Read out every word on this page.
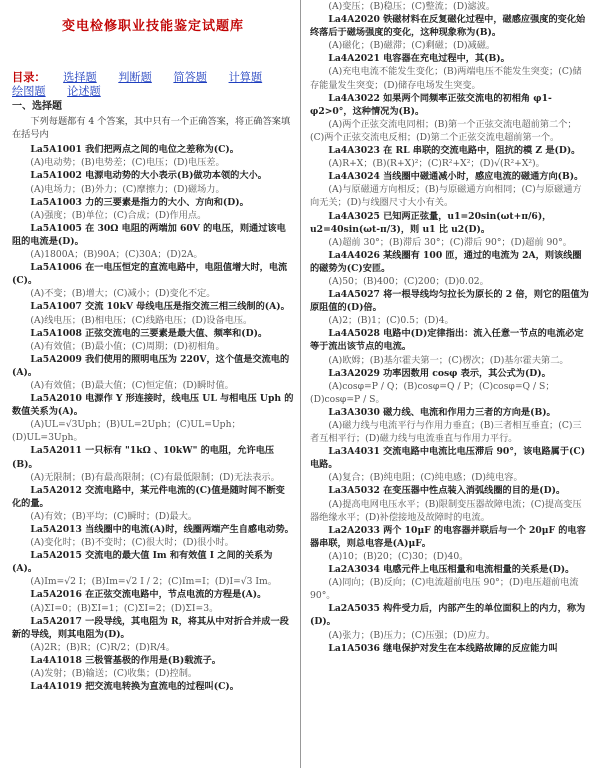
变电检修职业技能鉴定试题库
目录： 选择题 判断题 简答题 计算题 绘图题 论述题
一、选择题
下列每题都有 4 个答案，其中只有一个正确答案，将正确答案填在括号内
La5A1001 我们把两点之间的电位之差称为(C)。
(A)电动势；(B)电势差；(C)电压；(D)电压差。
La5A1002 电源电动势的大小表示(B)做功本领的大小。
(A)电场力；(B)外力；(C)摩擦力；(D)磁场力。
La5A1003 力的三要素是指力的大小、方向和(D)。
(A)强度；(B)单位；(C)合成；(D)作用点。
La5A1005 在 30Ω 电阻的两端加 60V 的电压，则通过该电阻的电流是(D)。
(A)1800A；(B)90A；(C)30A；(D)2A。
La5A1006 在一电压恒定的直流电路中，电阻值增大时，电流(C)。
(A)不变；(B)增大；(C)减小；(D)变化不定。
La5A1007 交流 10kV 母线电压是指交流三相三线制的(A)。
(A)线电压；(B)相电压；(C)线路电压；(D)设备电压。
La5A1008 正弦交流电的三要素是最大值、频率和(D)。
(A)有效值；(B)最小值；(C)周期；(D)初相角。
La5A2009 我们使用的照明电压为 220V，这个值是交流电的(A)。
(A)有效值；(B)最大值；(C)恒定值；(D)瞬时值。
La5A2010 电源作 Y 形连接时，线电压 UL 与相电压 Uph 的数值关系为(A)。
(A)UL=√3Uph；(B)UL=2Uph；(C)UL=Uph；(D)UL=3Uph。
La5A2011 一只标有 "1kΩ 、10kW" 的电阻，允许电压(B)。
(A)无限制；(B)有最高限制；(C)有最低限制；(D)无法表示。
La5A2012 交流电路中，某元件电流的(C)值是随时间不断变化的量。
(A)有效；(B)平均；(C)瞬时；(D)最大。
La5A2013 当线圈中的电流(A)时，线圈两端产生自感电动势。
(A)变化时；(B)不变时；(C)很大时；(D)很小时。
La5A2015 交流电的最大值 Im 和有效值 I 之间的关系为(A)。
(A)Im=√2 I；(B)Im=√2 I / 2；(C)Im=I；(D)I=√3 Im。
La5A2016 在正弦交流电路中，节点电流的方程是(A)。
(A)ΣI=0；(B)ΣI=1；(C)ΣI=2；(D)ΣI=3。
La5A2017 一段导线，其电阻为 R，将其从中对折合并成一段新的导线，则其电阻为(D)。
(A)2R；(B)R；(C)R/2；(D)R/4。
La4A1018 三极管基极的作用是(B)载流子。
(A)发射；(B)输送；(C)收集；(D)控制。
La4A1019 把交流电转换为直流电的过程叫(C)。
(A)变压；(B)稳压；(C)整流；(D)滤波。
La4A2020 铁磁材料在反复磁化过程中，磁感应强度的变化始终落后于磁场强度的变化，这种现象称为(B)。
(A)磁化；(B)磁滞；(C)剩磁；(D)减磁。
La4A2021 电容器在充电过程中，其(B)。
(A)充电电流不能发生变化；(B)两端电压不能发生突变；(C)储存能量发生突变；(D)储存电场发生突变。
La4A3022 如果两个同频率正弦交流电的初相角 φ1-φ2>0°，这种情况为(B)。
(A)两个正弦交流电同相；(B)第一个正弦交流电超前第二个；(C)两个正弦交流电反相；(D)第二个正弦交流电超前第一个。
La4A3023 在 RL 串联的交流电路中，阻抗的模 Z 是(D)。
(A)R+X；(B)(R+X)²；(C)R²+X²；(D)√(R²+X²)。
La4A3024 当线圈中磁通减小时，感应电流的磁通方向(B)。
(A)与原磁通方向相反；(B)与原磁通方向相同；(C)与原磁通方向无关；(D)与线圈尺寸大小有关。
La4A3025 已知两正弦量，u1=20sin(ωt+π/6)，u2=40sin(ωt-π/3)，则 u1 比 u2(D)。
(A)超前 30°；(B)滞后 30°；(C)滞后 90°；(D)超前 90°。
La4A4026 某线圈有 100 匝，通过的电流为 2A，则该线圈的磁势为(C)安匝。
(A)50；(B)400；(C)200；(D)0.02。
La4A5027 将一根导线均匀拉长为原长的 2 倍，则它的阻值为原阻值的(D)倍。
(A)2；(B)1；(C)0.5；(D)4。
La4A5028 电路中(D)定律指出：流入任意一节点的电流必定等于流出该节点的电流。
(A)欧姆；(B)基尔霍夫第一；(C)楞次；(D)基尔霍夫第二。
La3A2029 功率因数用 cosφ 表示，其公式为(D)。
(A)cosφ=P / Q；(B)cosφ=Q / P；(C)cosφ=Q / S；(D)cosφ=P / S。
La3A3030 磁力线、电流和作用力三者的方向是(B)。
(A)磁力线与电流平行与作用力垂直；(B)三者相互垂直；(C)三者互相平行；(D)磁力线与电流垂直与作用力平行。
La3A4031 交流电路中电流比电压滞后 90°，该电路属于(C)电路。
(A)复合；(B)纯电阻；(C)纯电感；(D)纯电容。
La3A5032 在变压器中性点装入消弧线圈的目的是(D)。
(A)提高电网电压水平；(B)限制变压器故障电流；(C)提高变压器绝缘水平；(D)补偿接地及故障时的电流。
La2A2033 两个 10μF 的电容器并联后与一个 20μF 的电容器串联，则总电容是(A)μF。
(A)10；(B)20；(C)30；(D)40。
La2A3034 电感元件上电压相量和电流相量的关系是(D)。
(A)同向；(B)反向；(C)电流超前电压 90°；(D)电压超前电流 90°。
La2A5035 构件受力后，内部产生的单位面积上的内力，称为(D)。
(A)张力；(B)压力；(C)压强；(D)应力。
La1A5036 继电保护对发生在本线路故障的反应能力叫
